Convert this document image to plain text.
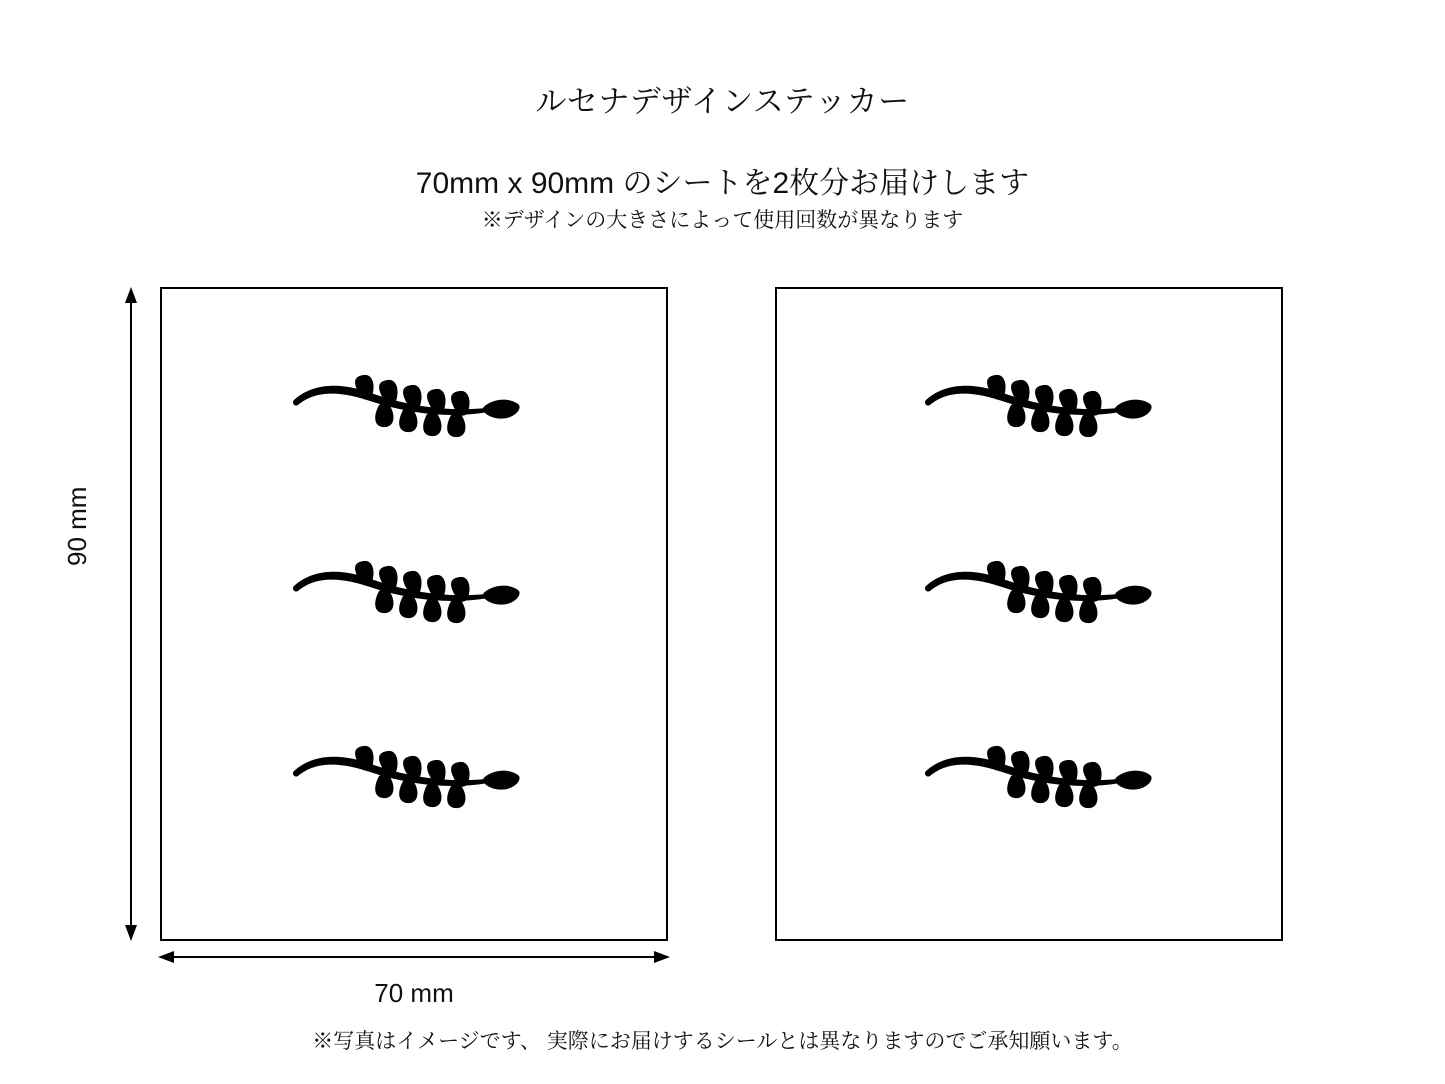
ルセナデザインステッカー
70mm x 90mm のシートを2枚分お届けします
※デザインの大きさによって使用回数が異なります
90 mm
70 mm
※写真はイメージです、 実際にお届けするシールとは異なりますのでご承知願います。
